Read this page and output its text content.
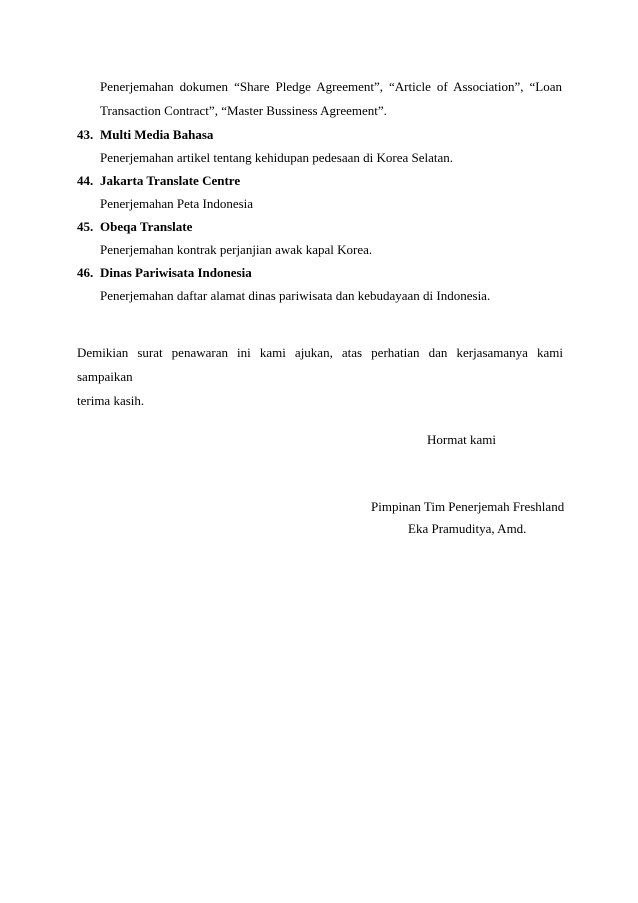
Penerjemahan dokumen “Share Pledge Agreement”, “Article of Association”, “Loan
Transaction Contract”, “Master Bussiness Agreement”.
43. Multi Media Bahasa
Penerjemahan artikel tentang kehidupan pedesaan di Korea Selatan.
44. Jakarta Translate Centre
Penerjemahan Peta Indonesia
45. Obeqa Translate
Penerjemahan kontrak perjanjian awak kapal Korea.
46. Dinas Pariwisata Indonesia
Penerjemahan daftar alamat dinas pariwisata dan kebudayaan di Indonesia.

Demikian surat penawaran ini kami ajukan, atas perhatian dan kerjasamanya kami sampaikan
terima kasih.

Hormat kami
Pimpinan Tim Penerjemah Freshland
Eka Pramuditya, Amd.
